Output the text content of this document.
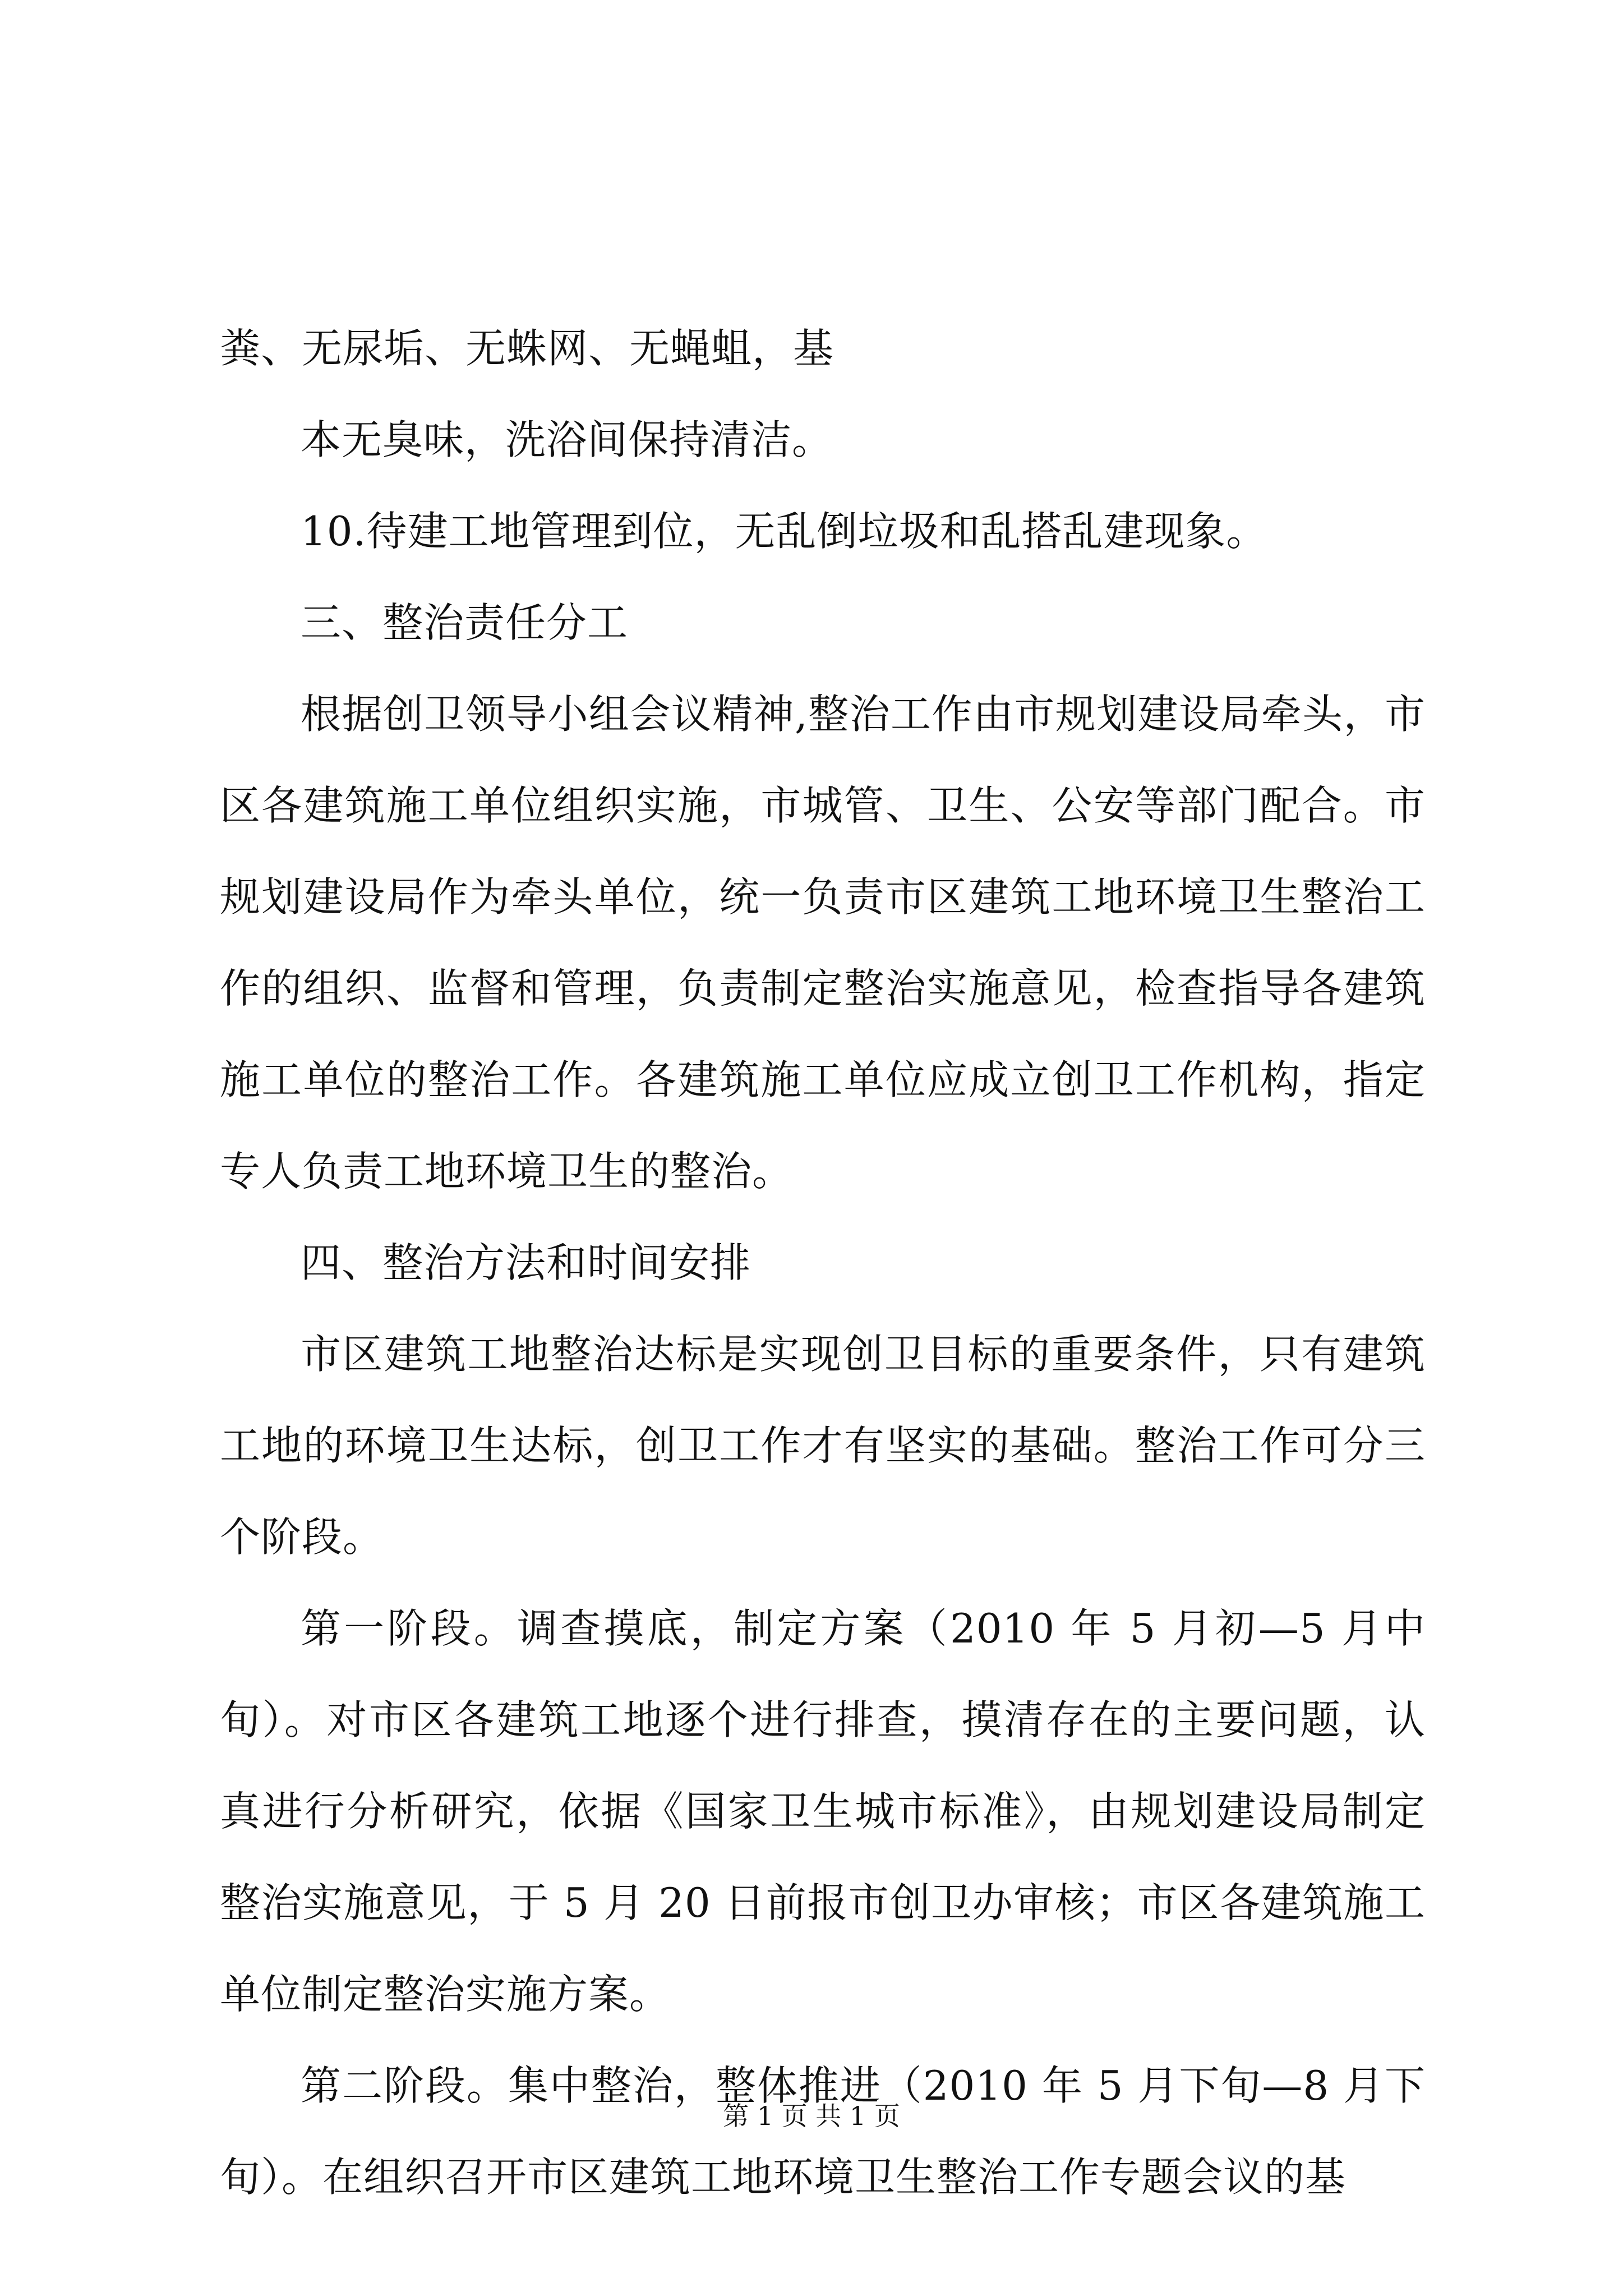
粪、无尿垢、无蛛网、无蝇蛆，基

本无臭味，洗浴间保持清洁。

10.待建工地管理到位，无乱倒垃圾和乱搭乱建现象。

三、整治责任分工

根据创卫领导小组会议精神,整治工作由市规划建设局牵头，市区各建筑施工单位组织实施，市城管、卫生、公安等部门配合。市规划建设局作为牵头单位，统一负责市区建筑工地环境卫生整治工作的组织、监督和管理，负责制定整治实施意见，检查指导各建筑施工单位的整治工作。各建筑施工单位应成立创卫工作机构，指定专人负责工地环境卫生的整治。

四、整治方法和时间安排

市区建筑工地整治达标是实现创卫目标的重要条件，只有建筑工地的环境卫生达标，创卫工作才有坚实的基础。整治工作可分三个阶段。

第一阶段。调查摸底，制定方案（2010 年 5 月初—5 月中旬）。对市区各建筑工地逐个进行排查，摸清存在的主要问题，认真进行分析研究，依据《国家卫生城市标准》，由规划建设局制定整治实施意见，于 5 月 20 日前报市创卫办审核；市区各建筑施工单位制定整治实施方案。

第二阶段。集中整治，整体推进（2010 年 5 月下旬—8 月下旬）。在组织召开市区建筑工地环境卫生整治工作专题会议的基

第 1 页 共 1 页
